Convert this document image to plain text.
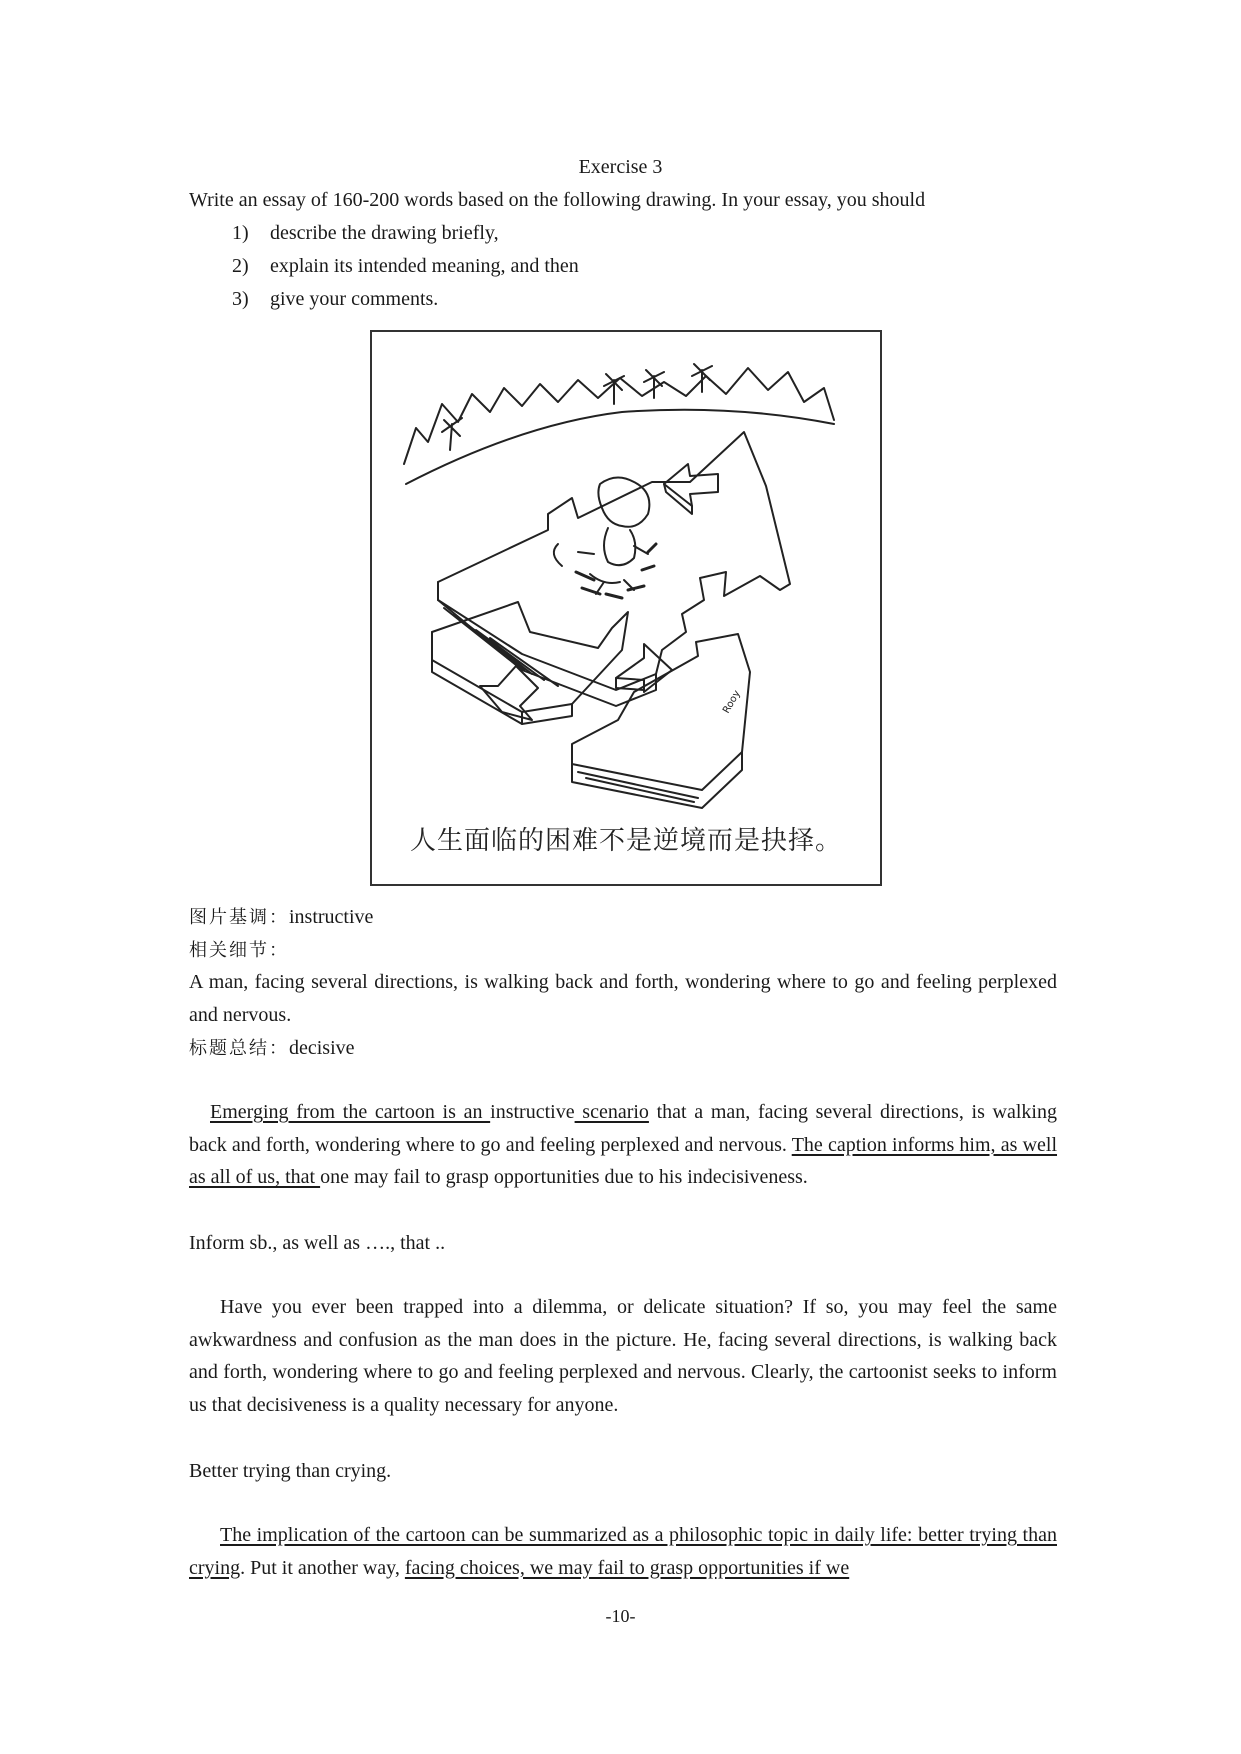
Exercise 3
Write an essay of 160-200 words based on the following drawing. In your essay, you should
1) describe the drawing briefly,
2) explain its intended meaning, and then
3) give your comments.
Rooy
人生面临的困难不是逆境而是抉择。
图片基调：instructive
相关细节：
A man, facing several directions, is walking back and forth, wondering where to go and feeling perplexed and nervous.
标题总结：decisive
Emerging from the cartoon is an instructive scenario that a man, facing several directions, is walking back and forth, wondering where to go and feeling perplexed and nervous. The caption informs him, as well as all of us, that one may fail to grasp opportunities due to his indecisiveness.
Inform sb., as well as …., that ..
Have you ever been trapped into a dilemma, or delicate situation? If so, you may feel the same awkwardness and confusion as the man does in the picture. He, facing several directions, is walking back and forth, wondering where to go and feeling perplexed and nervous. Clearly, the cartoonist seeks to inform us that decisiveness is a quality necessary for anyone.
Better trying than crying.
The implication of the cartoon can be summarized as a philosophic topic in daily life: better trying than crying. Put it another way, facing choices, we may fail to grasp opportunities if we
-10-
